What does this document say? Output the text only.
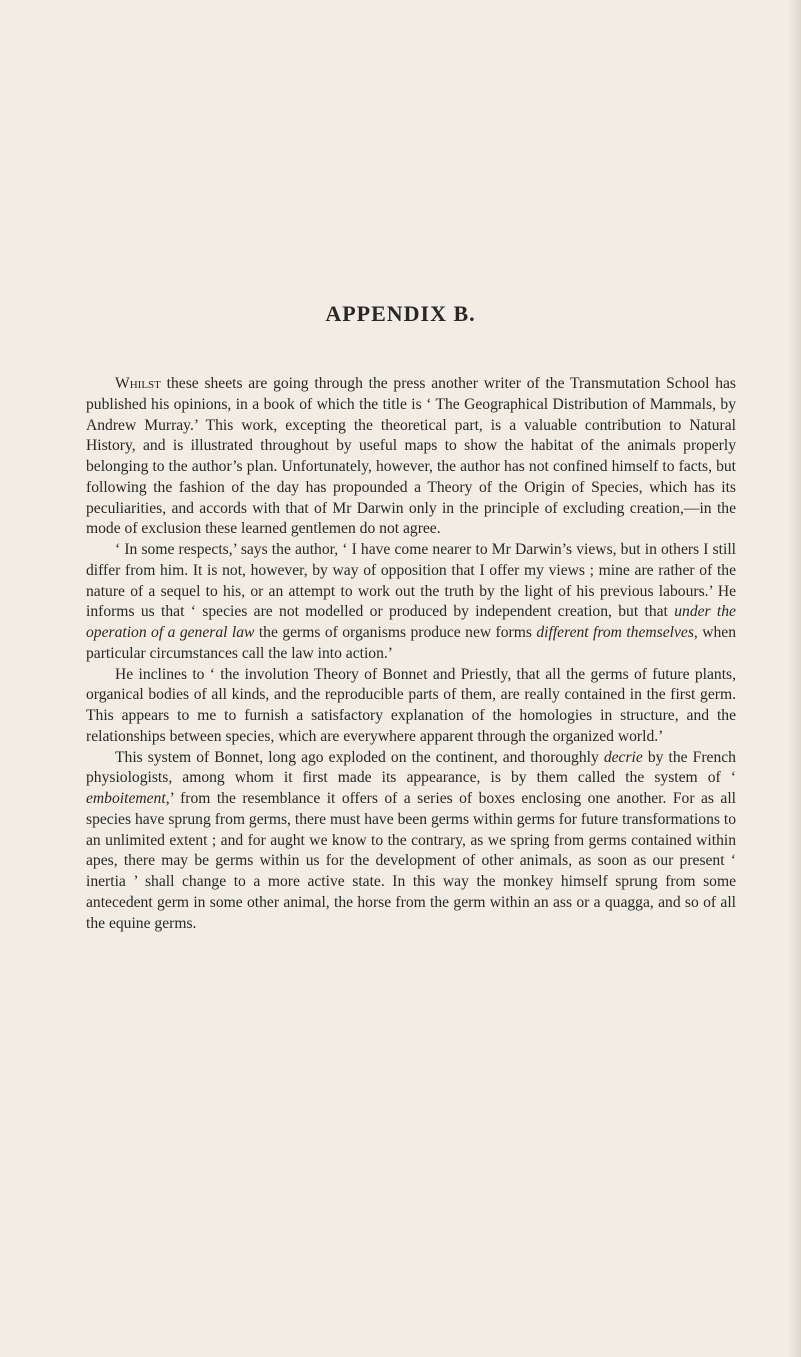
APPENDIX B.

Whilst these sheets are going through the press another writer of the Transmutation School has published his opinions, in a book of which the title is ‘ The Geographical Distribution of Mammals, by Andrew Murray.’ This work, excepting the theoretical part, is a valuable contribution to Natural History, and is illustrated throughout by useful maps to show the habitat of the animals properly belonging to the author’s plan. Unfortunately, however, the author has not confined himself to facts, but following the fashion of the day has propounded a Theory of the Origin of Species, which has its peculiarities, and accords with that of Mr Darwin only in the principle of excluding creation,—in the mode of exclusion these learned gentlemen do not agree.

‘ In some respects,’ says the author, ‘ I have come nearer to Mr Darwin’s views, but in others I still differ from him. It is not, however, by way of opposition that I offer my views ; mine are rather of the nature of a sequel to his, or an attempt to work out the truth by the light of his previous labours.’ He informs us that ‘ species are not modelled or produced by independent creation, but that under the operation of a general law the germs of organisms produce new forms different from themselves, when particular circumstances call the law into action.’

He inclines to ‘ the involution Theory of Bonnet and Priestly, that all the germs of future plants, organical bodies of all kinds, and the reproducible parts of them, are really contained in the first germ. This appears to me to furnish a satisfactory explanation of the homologies in structure, and the relationships between species, which are everywhere apparent through the organized world.’

This system of Bonnet, long ago exploded on the continent, and thoroughly decrie by the French physiologists, among whom it first made its appearance, is by them called the system of ‘ emboitement,’ from the resemblance it offers of a series of boxes enclosing one another. For as all species have sprung from germs, there must have been germs within germs for future transformations to an unlimited extent ; and for aught we know to the contrary, as we spring from germs contained within apes, there may be germs within us for the development of other animals, as soon as our present ‘ inertia ’ shall change to a more active state. In this way the monkey himself sprung from some antecedent germ in some other animal, the horse from the germ within an ass or a quagga, and so of all the equine germs.
